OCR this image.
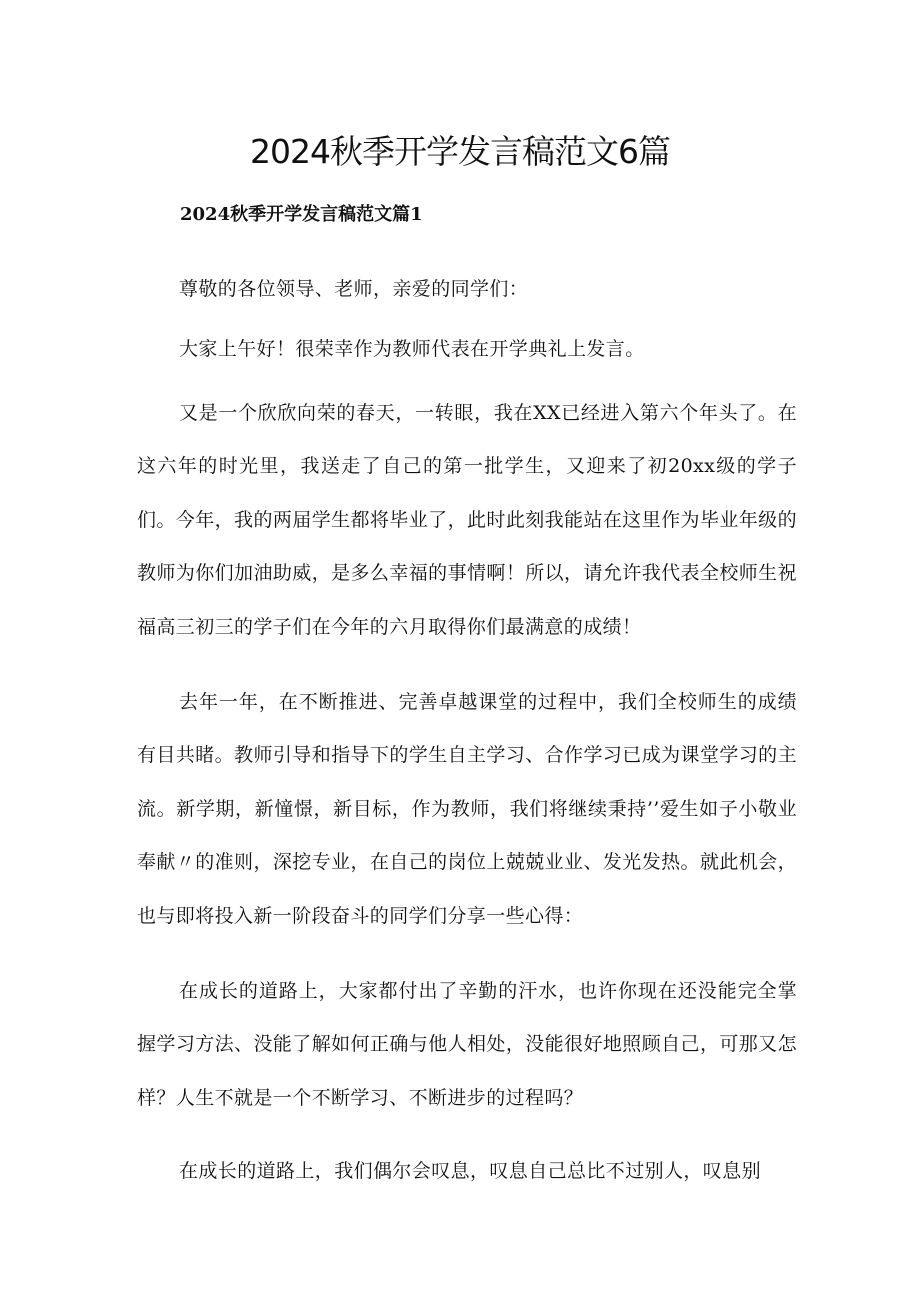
2024秋季开学发言稿范文6篇
2024秋季开学发言稿范文篇1

尊敬的各位领导、老师，亲爱的同学们：

大家上午好！很荣幸作为教师代表在开学典礼上发言。

又是一个欣欣向荣的春天，一转眼，我在XX已经进入第六个年头了。在这六年的时光里，我送走了自己的第一批学生，又迎来了初20xx级的学子们。今年，我的两届学生都将毕业了，此时此刻我能站在这里作为毕业年级的教师为你们加油助威，是多么幸福的事情啊！所以，请允许我代表全校师生祝福高三初三的学子们在今年的六月取得你们最满意的成绩！

去年一年，在不断推进、完善卓越课堂的过程中，我们全校师生的成绩有目共睹。教师引导和指导下的学生自主学习、合作学习已成为课堂学习的主流。新学期，新憧憬，新目标，作为教师，我们将继续秉持’’爱生如子小敬业奉献〃的准则，深挖专业，在自己的岗位上兢兢业业、发光发热。就此机会，也与即将投入新一阶段奋斗的同学们分享一些心得：

在成长的道路上，大家都付出了辛勤的汗水，也许你现在还没能完全掌握学习方法、没能了解如何正确与他人相处，没能很好地照顾自己，可那又怎样？人生不就是一个不断学习、不断进步的过程吗？

在成长的道路上，我们偶尔会叹息，叹息自己总比不过别人，叹息别
